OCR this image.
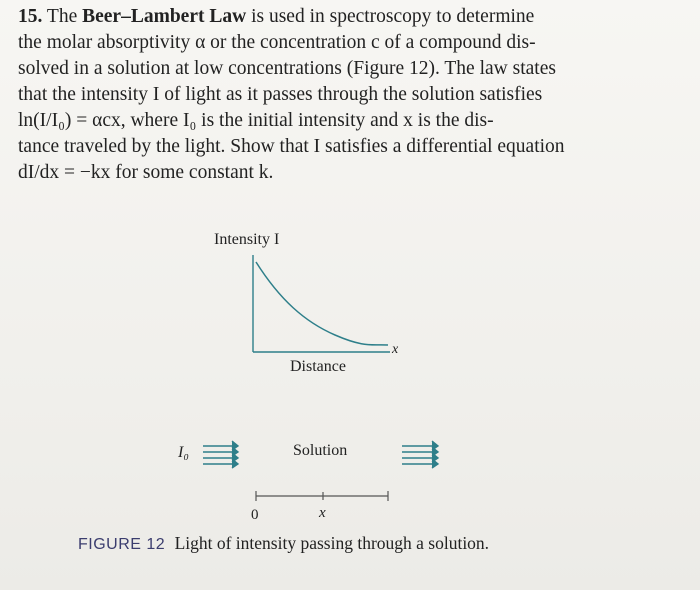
15. The Beer–Lambert Law is used in spectroscopy to determine
the molar absorptivity α or the concentration c of a compound dis-
solved in a solution at low concentrations (Figure 12). The law states
that the intensity I of light as it passes through the solution satisfies
ln(I/I₀) = αcx, where I₀ is the initial intensity and x is the dis-
tance traveled by the light. Show that I satisfies a differential equation
dI/dx = −kx for some constant k.
Intensity I
Distance
x
I₀	Solution
0	x
FIGURE 12 Light of intensity passing through a solution.
